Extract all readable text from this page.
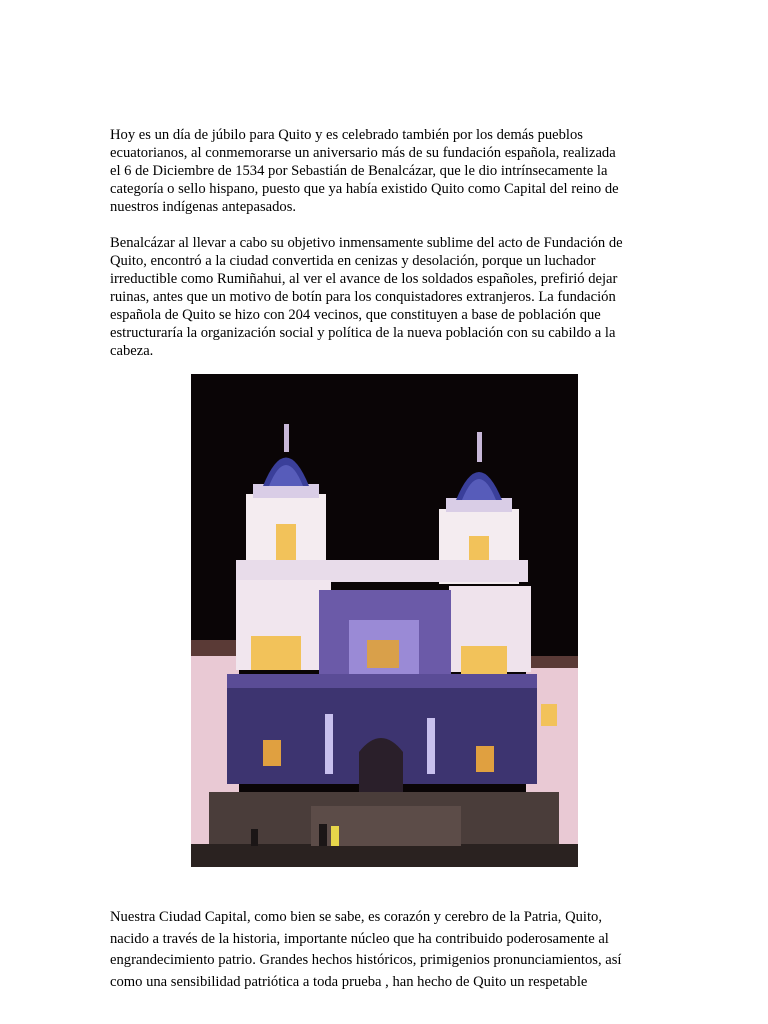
Hoy es un día de júbilo para Quito y es celebrado también por los demás pueblos
ecuatorianos, al conmemorarse un aniversario más de su fundación española, realizada
el 6 de Diciembre de 1534 por Sebastián de Benalcázar, que le dio intrínsecamente la
categoría o sello hispano, puesto que ya había existido Quito como Capital del reino de
nuestros indígenas antepasados.

Benalcázar al llevar a cabo su objetivo inmensamente sublime del acto de Fundación de
Quito, encontró a la ciudad convertida en cenizas y desolación, porque un luchador
irreductible como Rumiñahui, al ver el avance de los soldados españoles, prefirió dejar
ruinas, antes que un motivo de botín para los conquistadores extranjeros. La fundación
española de Quito se hizo con 204 vecinos, que constituyen a base de población que
estructuraría la organización social y política de la nueva población con su cabildo a la
cabeza.

Nuestra Ciudad Capital, como bien se sabe, es corazón y cerebro de la Patria, Quito,
nacido a través de la historia, importante núcleo que ha contribuido poderosamente al
engrandecimiento patrio. Grandes hechos históricos, primigenios pronunciamientos, así
como una sensibilidad patriótica a toda prueba , han hecho de Quito un respetable
